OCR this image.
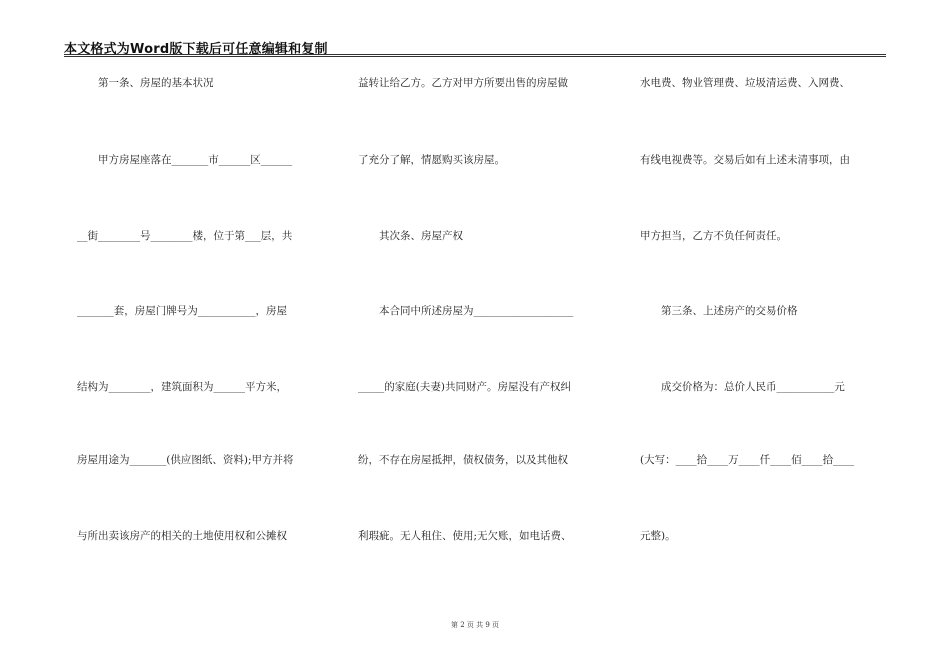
本文格式为Word版下载后可任意编辑和复制
　　第一条、房屋的基本状况
　　甲方房屋座落在_______市______区______
__街________号________楼，位于第___层，共
_______套，房屋门牌号为___________，房屋
结构为________，建筑面积为______平方米，
房屋用途为_______(供应图纸、资料);甲方并将
与所出卖该房产的相关的土地使用权和公摊权
益转让给乙方。乙方对甲方所要出售的房屋做
了充分了解，情愿购买该房屋。
　　其次条、房屋产权
　　本合同中所述房屋为___________________
_____的家庭(夫妻)共同财产。房屋没有产权纠
纷，不存在房屋抵押，债权债务，以及其他权
利瑕疵。无人租住、使用;无欠账，如电话费、
水电费、物业管理费、垃圾清运费、入网费、
有线电视费等。交易后如有上述未清事项，由
甲方担当，乙方不负任何责任。
　　第三条、上述房产的交易价格
　　成交价格为：总价人民币___________元
(大写：____拾____万____仟____佰____拾____
元整)。
第 2 页 共 9 页
